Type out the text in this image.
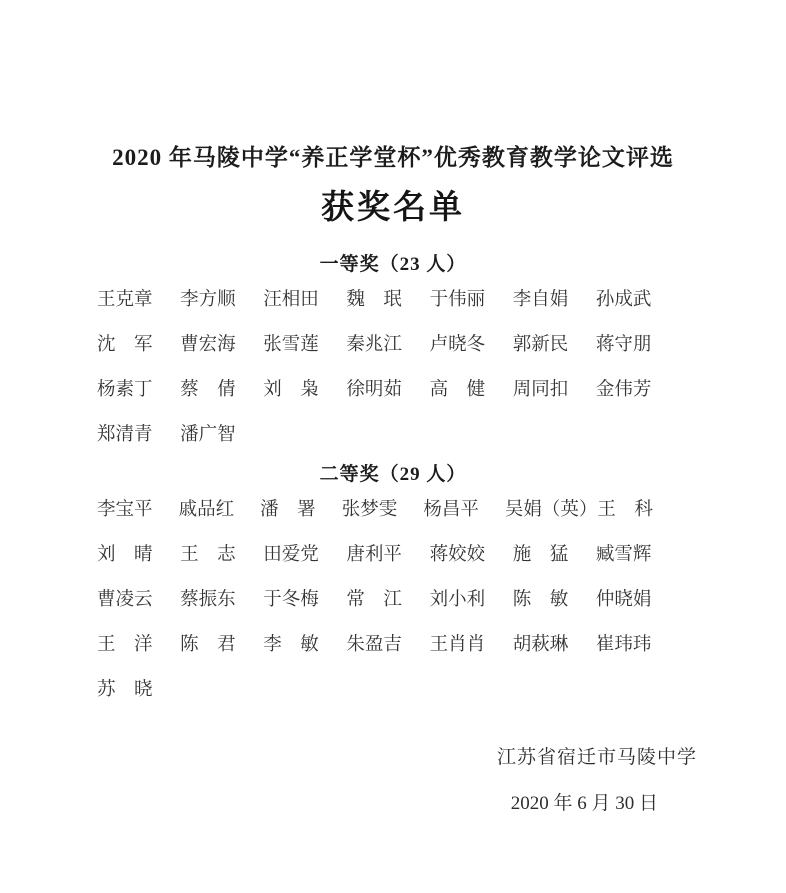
2020 年马陵中学“养正学堂杯”优秀教育教学论文评选
获奖名单
一等奖（23 人）
王克章	李方顺	汪相田	魏　珉	于伟丽	李自娟	孙成武
沈　军	曹宏海	张雪莲	秦兆江	卢晓冬	郭新民	蒋守朋
杨素丁	蔡　倩	刘　枭	徐明茹	高　健	周同扣	金伟芳
郑清青	潘广智
二等奖（29 人）
李宝平	戚品红	潘　署	张梦雯	杨昌平	吴娟（英） 王　科
刘　晴	王　志	田爱党	唐利平	蒋姣姣	施　猛	臧雪辉
曹凌云	蔡振东	于冬梅	常　江	刘小利	陈　敏	仲晓娟
王　洋	陈　君	李　敏	朱盈吉	王肖肖	胡萩琳	崔玮玮
苏　晓
江苏省宿迁市马陵中学
2020 年 6 月 30 日
